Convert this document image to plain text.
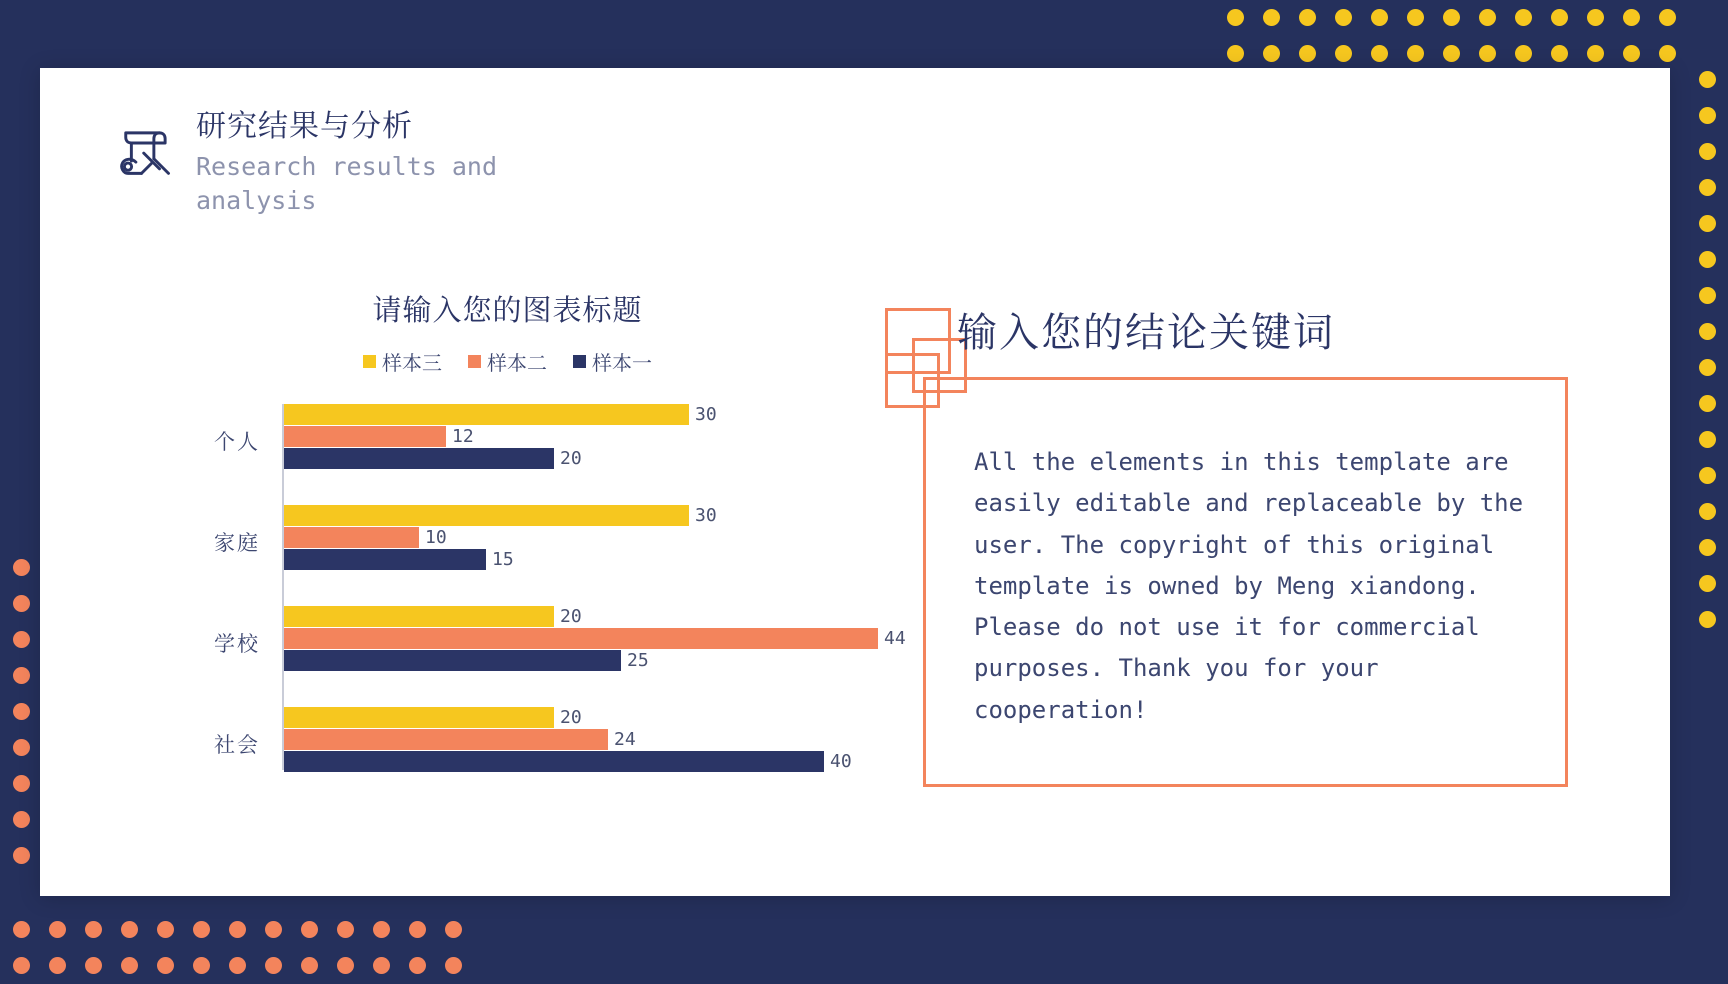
研究结果与分析
Research results and analysis
请输入您的图表标题
样本三 样本二 样本一
个人
30
12
20
家庭
30
10
15
学校
20
44
25
社会
20
24
40
输入您的结论关键词

All the elements in this template are easily editable and replaceable by the user. The copyright of this original template is owned by Meng xiandong. Please do not use it for commercial purposes. Thank you for your cooperation!
